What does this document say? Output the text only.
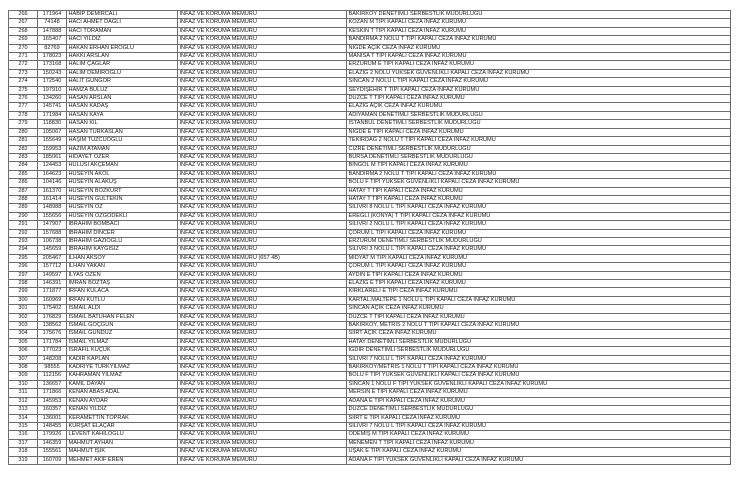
266	171964	HABİP DEMİRCALI	İNFAZ VE KORUMA MEMURU	BAKIRKÖY DENETİMLİ SERBESTLİK MÜDÜRLÜĞÜ
267	74148	HACI AHMET DAĞLI	İNFAZ VE KORUMA MEMURU	KOZAN M TİPİ KAPALI CEZA İNFAZ KURUMU
268	147888	HACI TORAMAN	İNFAZ VE KORUMA MEMURU	KESKİN T TİPİ KAPALI CEZA İNFAZ KURUMU
269	165407	HACI YILDIZ	İNFAZ VE KORUMA MEMURU	BANDIRMA 2 NOLU T TİPİ KAPALI CEZA İNFAZ KURUMU
270	82769	HAKAN ERHAN EROĞLU	İNFAZ VE KORUMA MEMURU	NİĞDE AÇIK CEZA İNFAZ KURUMU
271	178023	HAKKI ARSLAN	İNFAZ VE KORUMA MEMURU	MANİSA T TİPİ KAPALI CEZA İNFAZ KURUMU
272	173168	HALİM ÇAĞLAR	İNFAZ VE KORUMA MEMURU	ERZURUM E TİPİ KAPALI CEZA İNFAZ KURUMU
273	150243	HALİM DEMİROĞLU	İNFAZ VE KORUMA MEMURU	ELAZIĞ 2 NOLU YÜKSEK GÜVENLİKLİ KAPALI CEZA İNFAZ KURUMU
274	172540	HALİT GÜNGÖR	İNFAZ VE KORUMA MEMURU	SİNCAN 2 NOLU L TİPİ KAPALI CEZA İNFAZ KURUMU
275	197910	HAMZA BULUZ	İNFAZ VE KORUMA MEMURU	SEYDİŞEHİR T TİPİ KAPALI CEZA İNFAZ KURUMU
276	134260	HASAN ARSLAN	İNFAZ VE KORUMA MEMURU	DÜZCE T TİPİ KAPALI CEZA İNFAZ KURUMU
277	145741	HASAN KADAŞ	İNFAZ VE KORUMA MEMURU	ELAZIĞ AÇIK CEZA İNFAZ KURUMU
278	171984	HASAN KAYA	İNFAZ VE KORUMA MEMURU	ADIYAMAN DENETİMLİ SERBESTLİK MÜDÜRLÜĞÜ
279	118830	HASAN KIL	İNFAZ VE KORUMA MEMURU	İSTANBUL DENETİMLİ SERBESTLİK MÜDÜRLÜĞÜ
280	105067	HASAN TÜRKASLAN	İNFAZ VE KORUMA MEMURU	NİĞDE E TİPİ KAPALI CEZA İNFAZ KURUMU
281	155649	HAŞİM TUZCUOĞLU	İNFAZ VE KORUMA MEMURU	TEKİRDAĞ 2 NOLU T TİPİ KAPALI CEZA İNFAZ KURUMU
282	159953	HAZIM ATAMAN	İNFAZ VE KORUMA MEMURU	CİZRE DENETİMLİ SERBESTLİK MÜDÜRLÜĞÜ
283	185061	HİDAYET ÖZER	İNFAZ VE KORUMA MEMURU	BURSA DENETİMLİ SERBESTLİK MÜDÜRLÜĞÜ
284	124453	HULUSİ AKÇEMAN	İNFAZ VE KORUMA MEMURU	BİNGÖL M TİPİ KAPALI CEZA İNFAZ KURUMU
285	164623	HÜSEYİN AKOL	İNFAZ VE KORUMA MEMURU	BANDIRMA 2 NOLU T TİPİ KAPALI CEZA İNFAZ KURUMU
286	104146	HÜSEYİN ALAKUŞ	İNFAZ VE KORUMA MEMURU	BOLU F TİPİ YÜKSEK GÜVENLİKLİ KAPALI CEZA İNFAZ KURUMU
287	161370	HÜSEYİN BOZKURT	İNFAZ VE KORUMA MEMURU	HATAY T TİPİ KAPALI CEZA İNFAZ KURUMU
288	161414	HÜSEYİN GÜLTEKİN	İNFAZ VE KORUMA MEMURU	HATAY T TİPİ KAPALI CEZA İNFAZ KURUMU
289	148988	HÜSEYİN ÖZ	İNFAZ VE KORUMA MEMURU	SİLİVRİ 8 NOLU L TİPİ KAPALI CEZA İNFAZ KURUMU
290	155656	HÜSEYİN ÖZGÖDEKLİ	İNFAZ VE KORUMA MEMURU	EREĞLİ (KONYA) T TİPİ KAPALI CEZA İNFAZ KURUMU
291	147907	İBRAHİM BOMBACI	İNFAZ VE KORUMA MEMURU	SİLİVRİ 2 NOLU L TİPİ KAPALI CEZA İNFAZ KURUMU
292	157688	İBRAHİM DİNCER	İNFAZ VE KORUMA MEMURU	ÇORUM L TİPİ KAPALI CEZA İNFAZ KURUMU
293	106738	İBRAHİM GAZİOĞLU	İNFAZ VE KORUMA MEMURU	ERZURUM DENETİMLİ SERBESTLİK MÜDÜRLÜĞÜ
294	145659	İBRAHİM KAYGISIZ	İNFAZ VE KORUMA MEMURU	SİLİVRİ 3 NOLU L TİPİ KAPALI CEZA İNFAZ KURUMU
295	205467	İLHAN AKSOY	İNFAZ VE KORUMA MEMURU (657 4B)	MİDYAT M TİPİ KAPALI CEZA İNFAZ KURUMU
296	157712	İLHAN YAKAN	İNFAZ VE KORUMA MEMURU	ÇORUM L TİPİ KAPALI CEZA İNFAZ KURUMU
297	149597	İLYAS ÖZEN	İNFAZ VE KORUMA MEMURU	AYDIN E TİPİ KAPALI CEZA İNFAZ KURUMU
298	146391	İMRAN BOZTAŞ	İNFAZ VE KORUMA MEMURU	ELAZIĞ E TİPİ KAPALI CEZA İNFAZ KURUMU
299	171877	İRFAN KULACA	İNFAZ VE KORUMA MEMURU	KIRKLARELİ E TİPİ CEZA İNFAZ KURUMU
300	160969	İRFAN KUTLU	İNFAZ VE KORUMA MEMURU	KARTAL,MALTEPE 1 NOLU L TİPİ KAPALI CEZA İNFAZ KURUMU
301	175402	İSMAİL ALDI	İNFAZ VE KORUMA MEMURU	SİNCAN AÇIK CEZA İNFAZ KURUMU
302	176829	İSMAİL BATUHAN FELEN	İNFAZ VE KORUMA MEMURU	DÜZCE T TİPİ KAPALI CEZA İNFAZ KURUMU
303	138562	İSMAİL GÖÇGÜN	İNFAZ VE KORUMA MEMURU	BAKIRKÖY, METRİS 2 NOLU T TİPİ KAPALI CEZA İNFAZ KURUMU
304	175676	İSMAİL GÜNDÜZ	İNFAZ VE KORUMA MEMURU	SİİRT AÇIK CEZA İNFAZ KURUMU
305	171784	İSMAİL YILMAZ	İNFAZ VE KORUMA MEMURU	HATAY DENETİMLİ SERBESTLİK MÜDÜRLÜĞÜ
306	177023	İSRAFİL KÜÇÜK	İNFAZ VE KORUMA MEMURU	IĞDIR DENETİMLİ SERBESTLİK MÜDÜRLÜĞÜ
307	148208	KADİR KAPLAN	İNFAZ VE KORUMA MEMURU	SİLİVRİ 7 NOLU L TİPİ KAPALI CEZA İNFAZ KURUMU
308	98555	KADRİYE TÜRKYILMAZ	İNFAZ VE KORUMA MEMURU	BAKIRKÖY/METRİS 1 NOLU T TİPİ KAPALI CEZA İNFAZ KURUMU
309	112156	KAHRAMAN YILMAZ	İNFAZ VE KORUMA MEMURU	BOLU F TİPİ YÜKSEK GÜVENLİKLİ KAPALI CEZA İNFAZ KURUMU
310	136657	KAMİL DAYAN	İNFAZ VE KORUMA MEMURU	SİNCAN 1 NOLU F TİPİ YÜKSEK GÜVENLİKLİ KAPALI CEZA İNFAZ KURUMU
311	171866	KENAN ABAS ADAL	İNFAZ VE KORUMA MEMURU	MERSİN E TİPİ KAPALI CEZA İNFAZ KURUMU
312	145953	KENAN AYDAR	İNFAZ VE KORUMA MEMURU	ADANA E TİPİ KAPALI CEZA İNFAZ KURUMU
313	160357	KENAN YILDIZ	İNFAZ VE KORUMA MEMURU	DÜZCE DENETİMLİ SERBESTLİK MÜDÜRLÜĞÜ
314	136001	KERAMETTİN TOPRAK	İNFAZ VE KORUMA MEMURU	SİİRT E TİPİ KAPALI CEZA İNFAZ KURUMU
315	148455	KÜRŞAT ELAÇAR	İNFAZ VE KORUMA MEMURU	SİLİVRİ 7 NOLU L TİPİ KAPALI CEZA İNFAZ KURUMU
316	179926	LEVENT KAHİLOĞLU	İNFAZ VE KORUMA MEMURU	ÖDEMİŞ M TİPİ KAPALI CEZA İNFAZ KURUMU
317	146359	MAHMUT AYHAN	İNFAZ VE KORUMA MEMURU	MENEMEN T TİPİ KAPALI CEZA İNFAZ KURUMU
318	155561	MAHMUT IŞIK	İNFAZ VE KORUMA MEMURU	UŞAK E TİPİ KAPALI CEZA İNFAZ KURUMU
319	160709	MEHMET AKİF EREN	İNFAZ VE KORUMA MEMURU	ADANA F TİPİ YÜKSEK GÜVENLİKLİ KAPALI CEZA İNFAZ KURUMU
